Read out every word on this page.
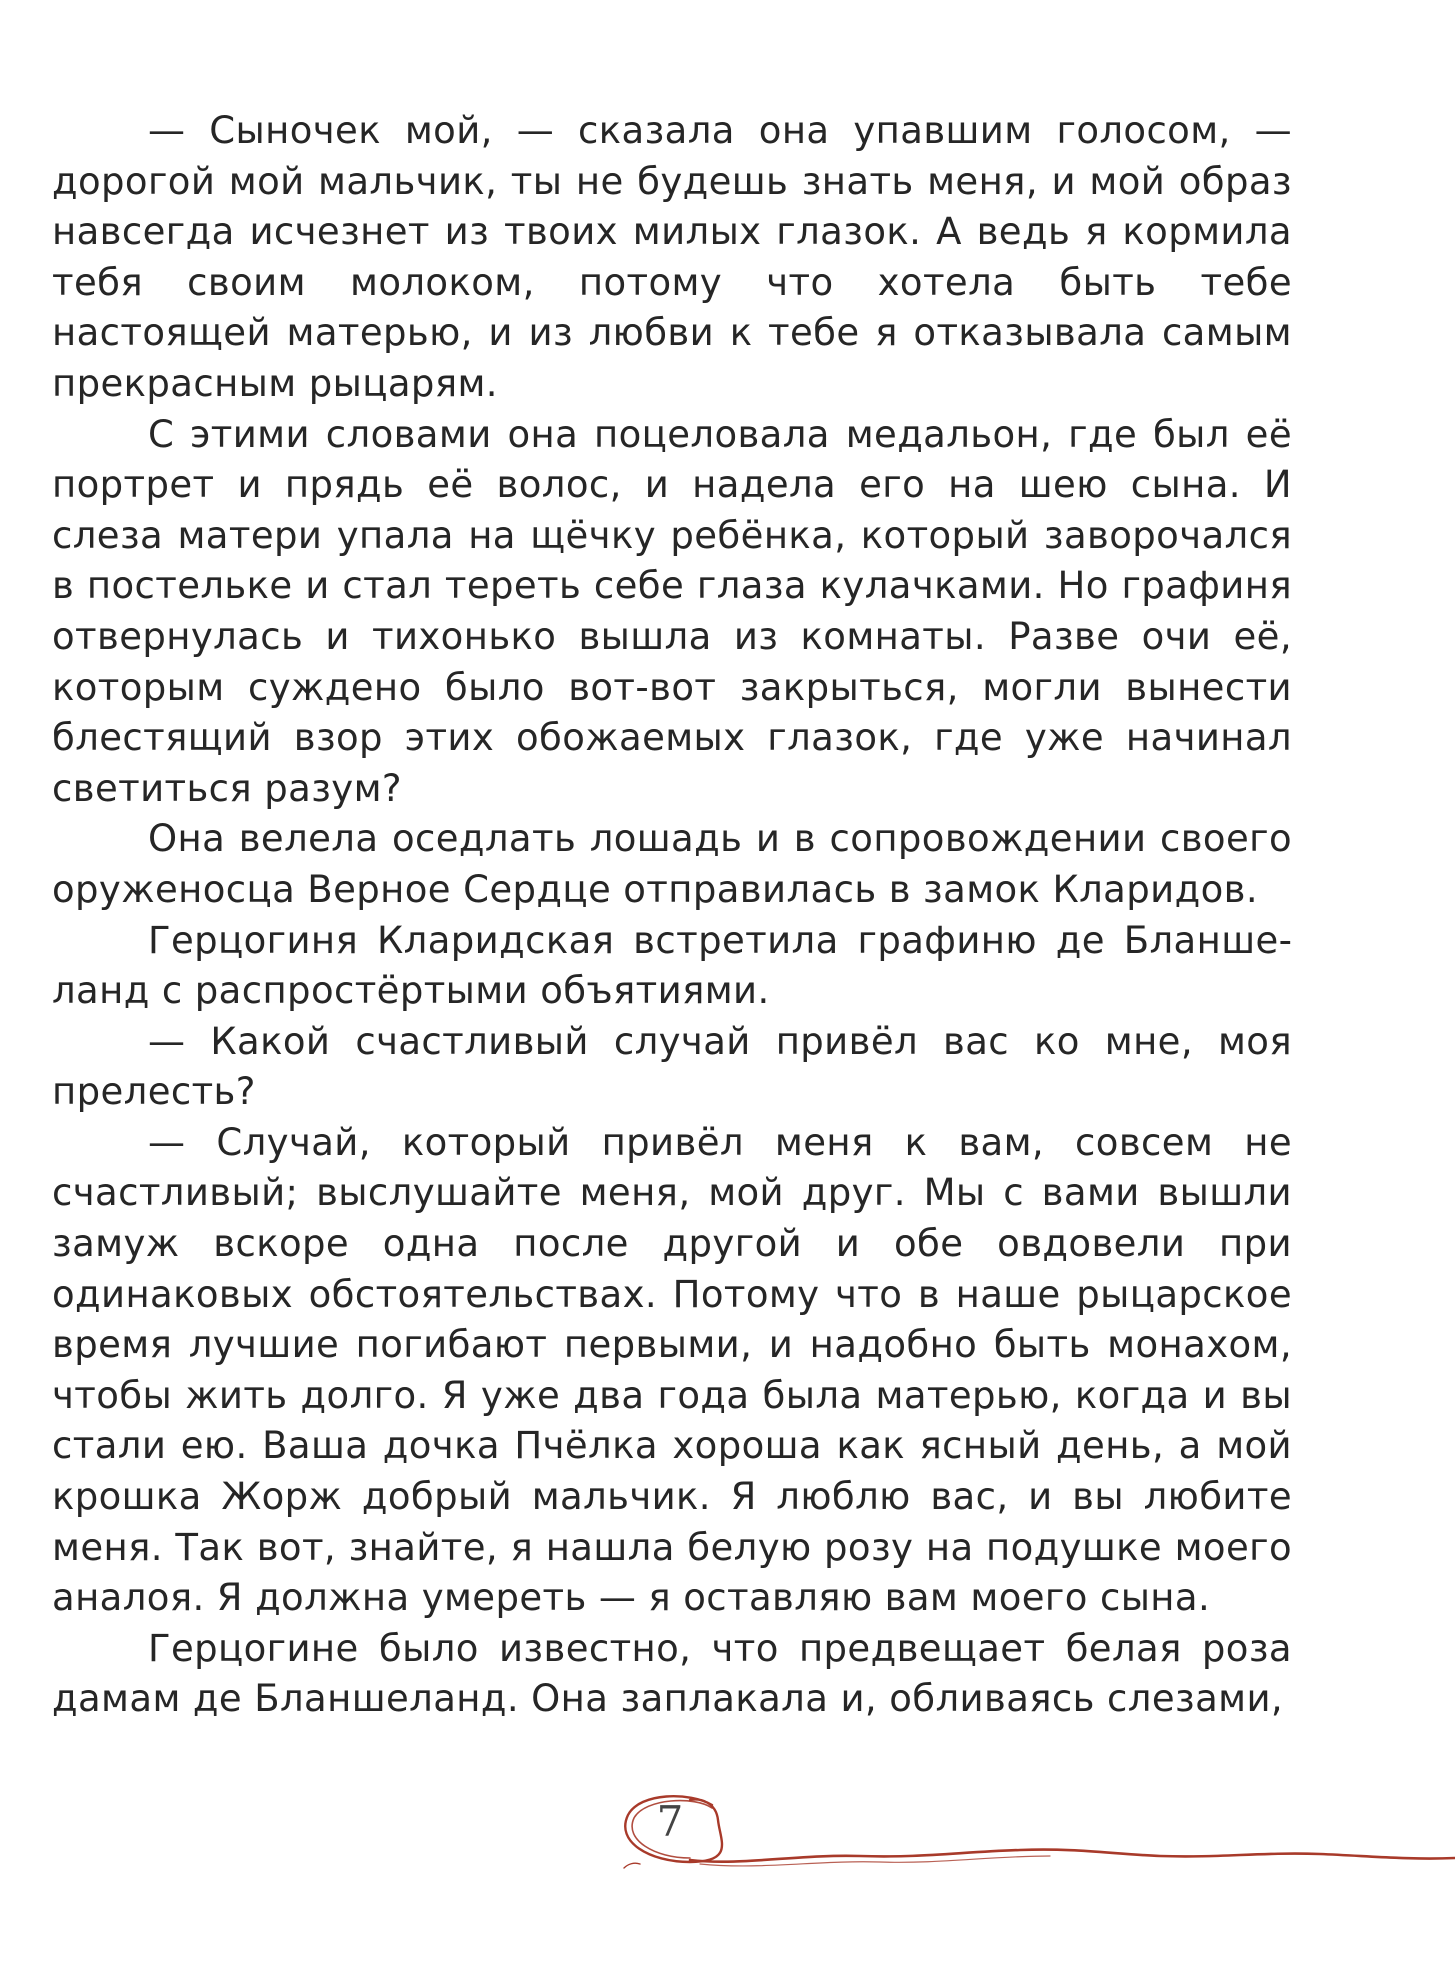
— Сыночек мой, — сказала она упавшим голосом, — дорогой мой мальчик, ты не будешь знать меня, и мой образ навсегда исчезнет из твоих милых глазок. А ведь я кормила тебя своим молоком, потому что хотела быть тебе настоящей матерью, и из любви к тебе я отказывала самым прекрасным рыцарям.

С этими словами она поцеловала медальон, где был её портрет и прядь её волос, и надела его на шею сына. И слеза матери упала на щёчку ребёнка, который заворочался в постельке и стал тереть себе глаза кулачками. Но графиня отвернулась и тихонько вышла из комнаты. Разве очи её, которым суждено было вот-вот закрыться, могли вынести блестящий взор этих обожаемых глазок, где уже начинал светиться разум?

Она велела оседлать лошадь и в сопровождении своего оруженосца Верное Сердце отправилась в замок Кларидов.

Герцогиня Кларидская встретила графиню де Бланшеланд с распростёртыми объятиями.

— Какой счастливый случай привёл вас ко мне, моя прелесть?

— Случай, который привёл меня к вам, совсем не счастливый; выслушайте меня, мой друг. Мы с вами вышли замуж вскоре одна после другой и обе овдовели при одинаковых обстоятельствах. Потому что в наше рыцарское время лучшие погибают первыми, и надобно быть монахом, чтобы жить долго. Я уже два года была матерью, когда и вы стали ею. Ваша дочка Пчёлка хороша как ясный день, а мой крошка Жорж добрый мальчик. Я люблю вас, и вы любите меня. Так вот, знайте, я нашла белую розу на подушке моего аналоя. Я должна умереть — я оставляю вам моего сына.

Герцогине было известно, что предвещает белая роза дамам де Бланшеланд. Она заплакала и, обливаясь слезами,

7
